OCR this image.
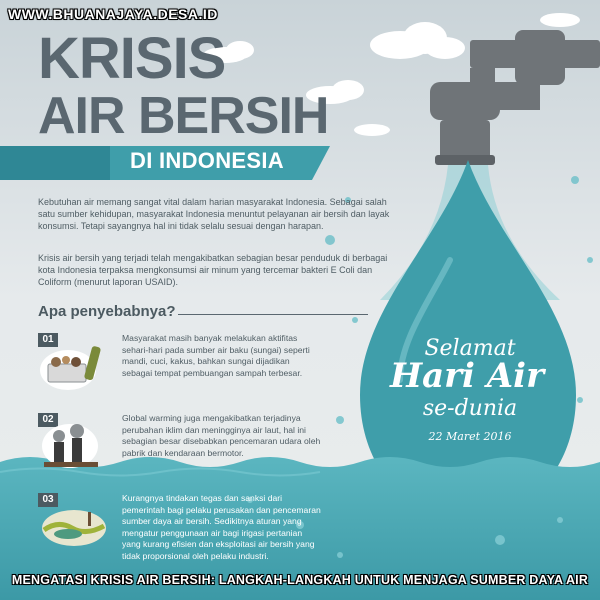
WWW.BHUANAJAYA.DESA.ID
KRISIS
AIR BERSIH
DI INDONESIA
Kebutuhan air memang sangat vital dalam harian masyarakat Indonesia. Sebagai salah satu sumber kehidupan, masyarakat Indonesia menuntut pelayanan air bersih dan layak konsumsi. Tetapi sayangnya hal ini tidak selalu sesuai dengan harapan.
Krisis air bersih yang terjadi telah mengakibatkan sebagian besar penduduk di berbagai kota Indonesia terpaksa mengkonsumsi air minum yang tercemar bakteri E Coli dan Coliform (menurut laporan USAID).
Apa penyebabnya?
01	Masyarakat masih banyak melakukan aktifitas sehari-hari pada sumber air baku (sungai) seperti mandi, cuci, kakus, bahkan sungai dijadikan sebagai tempat pembuangan sampah terbesar.
02	Global warming juga mengakibatkan terjadinya perubahan iklim dan meningginya air laut, hal ini sebagian besar disebabkan pencemaran udara oleh pabrik dan kendaraan bermotor.
03	Kurangnya tindakan tegas dan sanksi dari pemerintah bagi pelaku perusakan dan pencemaran sumber daya air bersih. Sedikitnya aturan yang mengatur penggunaan air bagi irigasi pertanian yang kurang efisien dan eksploitasi air bersih yang tidak proporsional oleh pelaku industri.
Selamat
Hari Air
se-dunia
22 Maret 2016
MENGATASI KRISIS AIR BERSIH: LANGKAH-LANGKAH UNTUK MENJAGA SUMBER DAYA AIR
